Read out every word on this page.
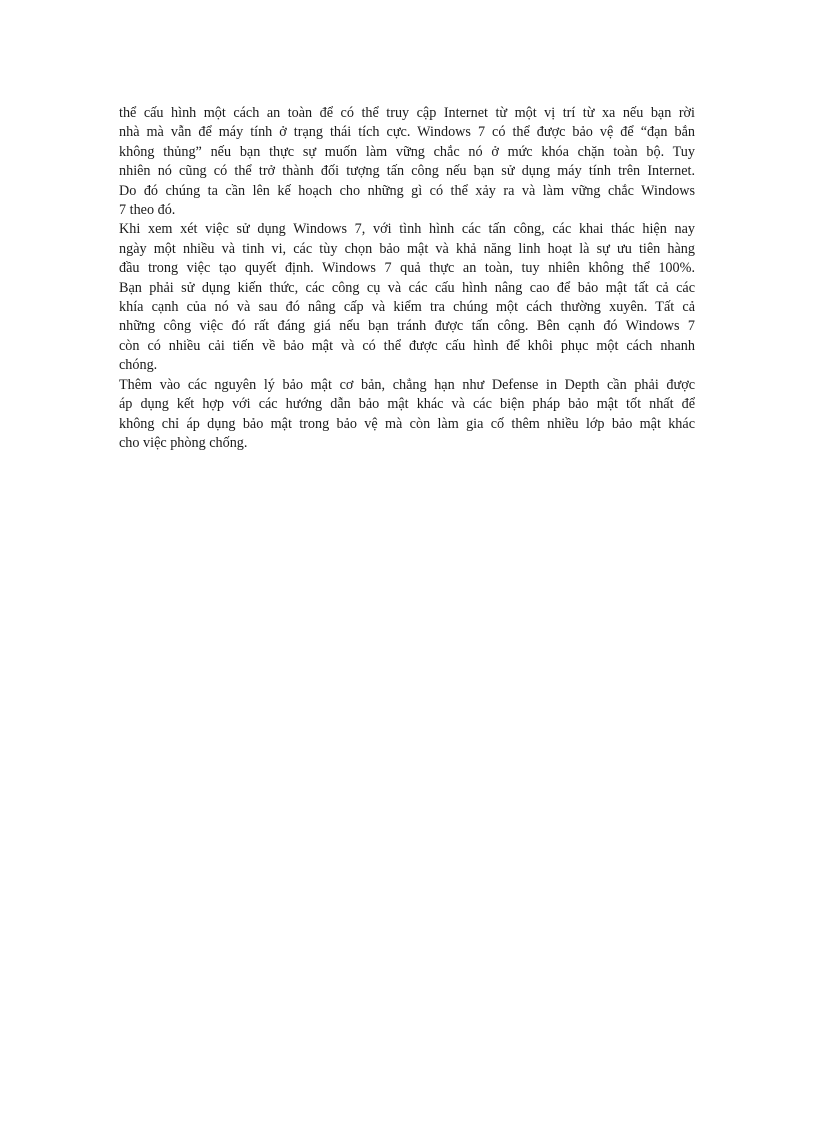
thể cấu hình một cách an toàn để có thể truy cập Internet từ một vị trí từ xa nếu bạn rời
nhà mà vẫn để máy tính ở trạng thái tích cực. Windows 7 có thể được bảo vệ để “đạn bắn
không thủng” nếu bạn thực sự muốn làm vững chắc nó ở mức khóa chặn toàn bộ. Tuy
nhiên nó cũng có thể trở thành đối tượng tấn công nếu bạn sử dụng máy tính trên Internet.
Do đó chúng ta cần lên kế hoạch cho những gì có thể xảy ra và làm vững chắc Windows
7 theo đó.

Khi xem xét việc sử dụng Windows 7, với tình hình các tấn công, các khai thác hiện nay
ngày một nhiều và tinh vi, các tùy chọn bảo mật và khả năng linh hoạt là sự ưu tiên hàng
đầu trong việc tạo quyết định. Windows 7 quả thực an toàn, tuy nhiên không thể 100%.
Bạn phải sử dụng kiến thức, các công cụ và các cấu hình nâng cao để bảo mật tất cả các
khía cạnh của nó và sau đó nâng cấp và kiểm tra chúng một cách thường xuyên. Tất cả
những công việc đó rất đáng giá nếu bạn tránh được tấn công. Bên cạnh đó Windows 7
còn có nhiều cải tiến về bảo mật và có thể được cấu hình để khôi phục một cách nhanh
chóng.

Thêm vào các nguyên lý bảo mật cơ bản, chẳng hạn như Defense in Depth cần phải được
áp dụng kết hợp với các hướng dẫn bảo mật khác và các biện pháp bảo mật tốt nhất để
không chỉ áp dụng bảo mật trong bảo vệ mà còn làm gia cố thêm nhiều lớp bảo mật khác
cho việc phòng chống.
